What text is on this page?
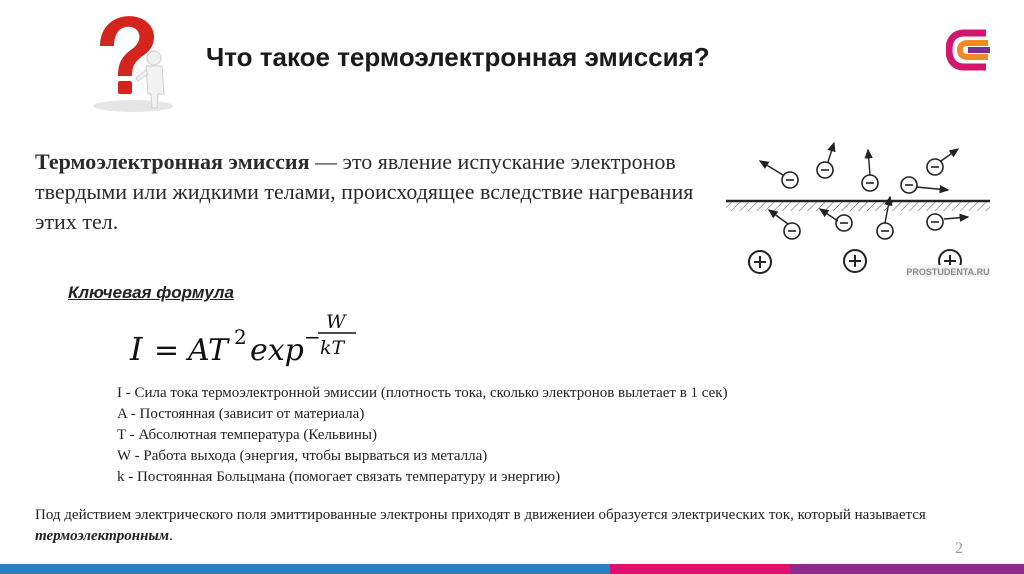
Что такое термоэлектронная эмиссия?
Термоэлектронная эмиссия — это явление испускание электронов твердыми или жидкими телами, происходящее вследствие нагревания этих тел.
PROSTUDENTA.RU
Ключевая формула
I = AT 2 exp −
W
kT
I - Сила тока термоэлектронной эмиссии (плотность тока, сколько электронов вылетает в 1 сек)
A - Постоянная (зависит от материала)
T - Абсолютная температура (Кельвины)
W - Работа выхода (энергия, чтобы вырваться из металла)
k - Постоянная Больцмана (помогает связать температуру и энергию)
Под действием электрического поля эмиттированные электроны приходят в движениеи образуется электрических ток, который называется термоэлектронным.
2
